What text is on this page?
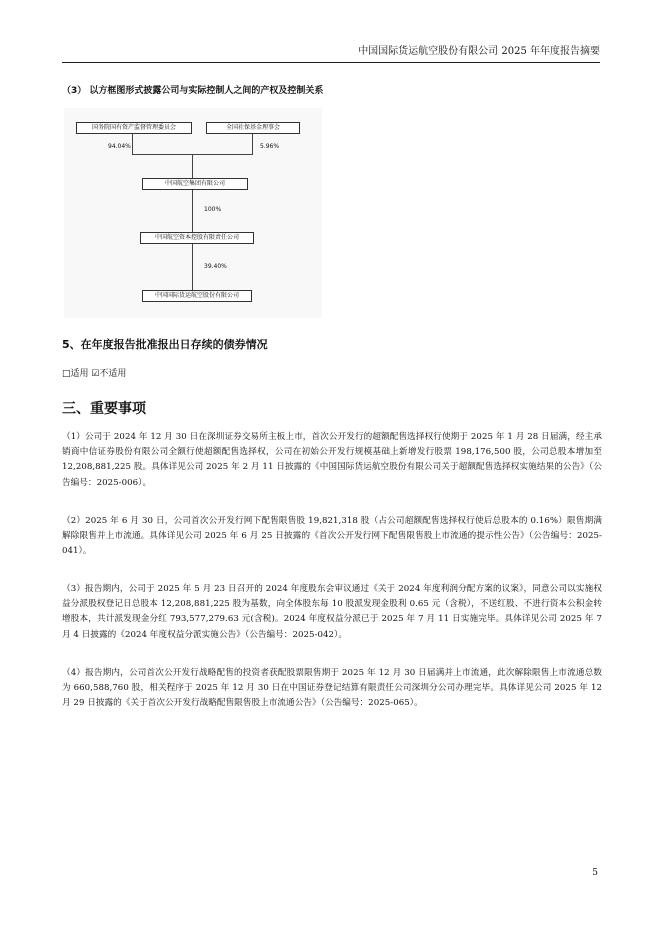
中国国际货运航空股份有限公司 2025 年年度报告摘要
（3） 以方框图形式披露公司与实际控制人之间的产权及控制关系
国务院国有资产监督管理委员会	全国社保基金理事会
94.04%	5.96%
中国航空集团有限公司
100%
中国航空资本控股有限责任公司
39.40%
中国国际货运航空股份有限公司
5、在年度报告批准报出日存续的债券情况
□适用 ☑不适用
三、重要事项
（1）公司于 2024 年 12 月 30 日在深圳证券交易所主板上市，首次公开发行的超额配售选择权行使期于 2025 年 1 月 28 日届满，经主承销商中信证券股份有限公司全额行使超额配售选择权，公司在初始公开发行规模基础上新增发行股票 198,176,500 股，公司总股本增加至 12,208,881,225 股。具体详见公司 2025 年 2 月 11 日披露的《中国国际货运航空股份有限公司关于超额配售选择权实施结果的公告》（公告编号：2025-006）。
（2）2025 年 6 月 30 日，公司首次公开发行网下配售限售股 19,821,318 股（占公司超额配售选择权行使后总股本的 0.16%）限售期满解除限售并上市流通。具体详见公司 2025 年 6 月 25 日披露的《首次公开发行网下配售限售股上市流通的提示性公告》（公告编号：2025-041）。
（3）报告期内，公司于 2025 年 5 月 23 日召开的 2024 年度股东会审议通过《关于 2024 年度利润分配方案的议案》，同意公司以实施权益分派股权登记日总股本 12,208,881,225 股为基数，向全体股东每 10 股派发现金股利 0.65 元（含税），不送红股、不进行资本公积金转增股本，共计派发现金分红 793,577,279.63 元(含税)。2024 年度权益分派已于 2025 年 7 月 11 日实施完毕。具体详见公司 2025 年 7 月 4 日披露的《2024 年度权益分派实施公告》（公告编号：2025-042）。
（4）报告期内，公司首次公开发行战略配售的投资者获配股票限售期于 2025 年 12 月 30 日届满并上市流通，此次解除限售上市流通总数为 660,588,760 股，相关程序于 2025 年 12 月 30 日在中国证券登记结算有限责任公司深圳分公司办理完毕。具体详见公司 2025 年 12 月 29 日披露的《关于首次公开发行战略配售限售股上市流通公告》（公告编号：2025-065）。
5
